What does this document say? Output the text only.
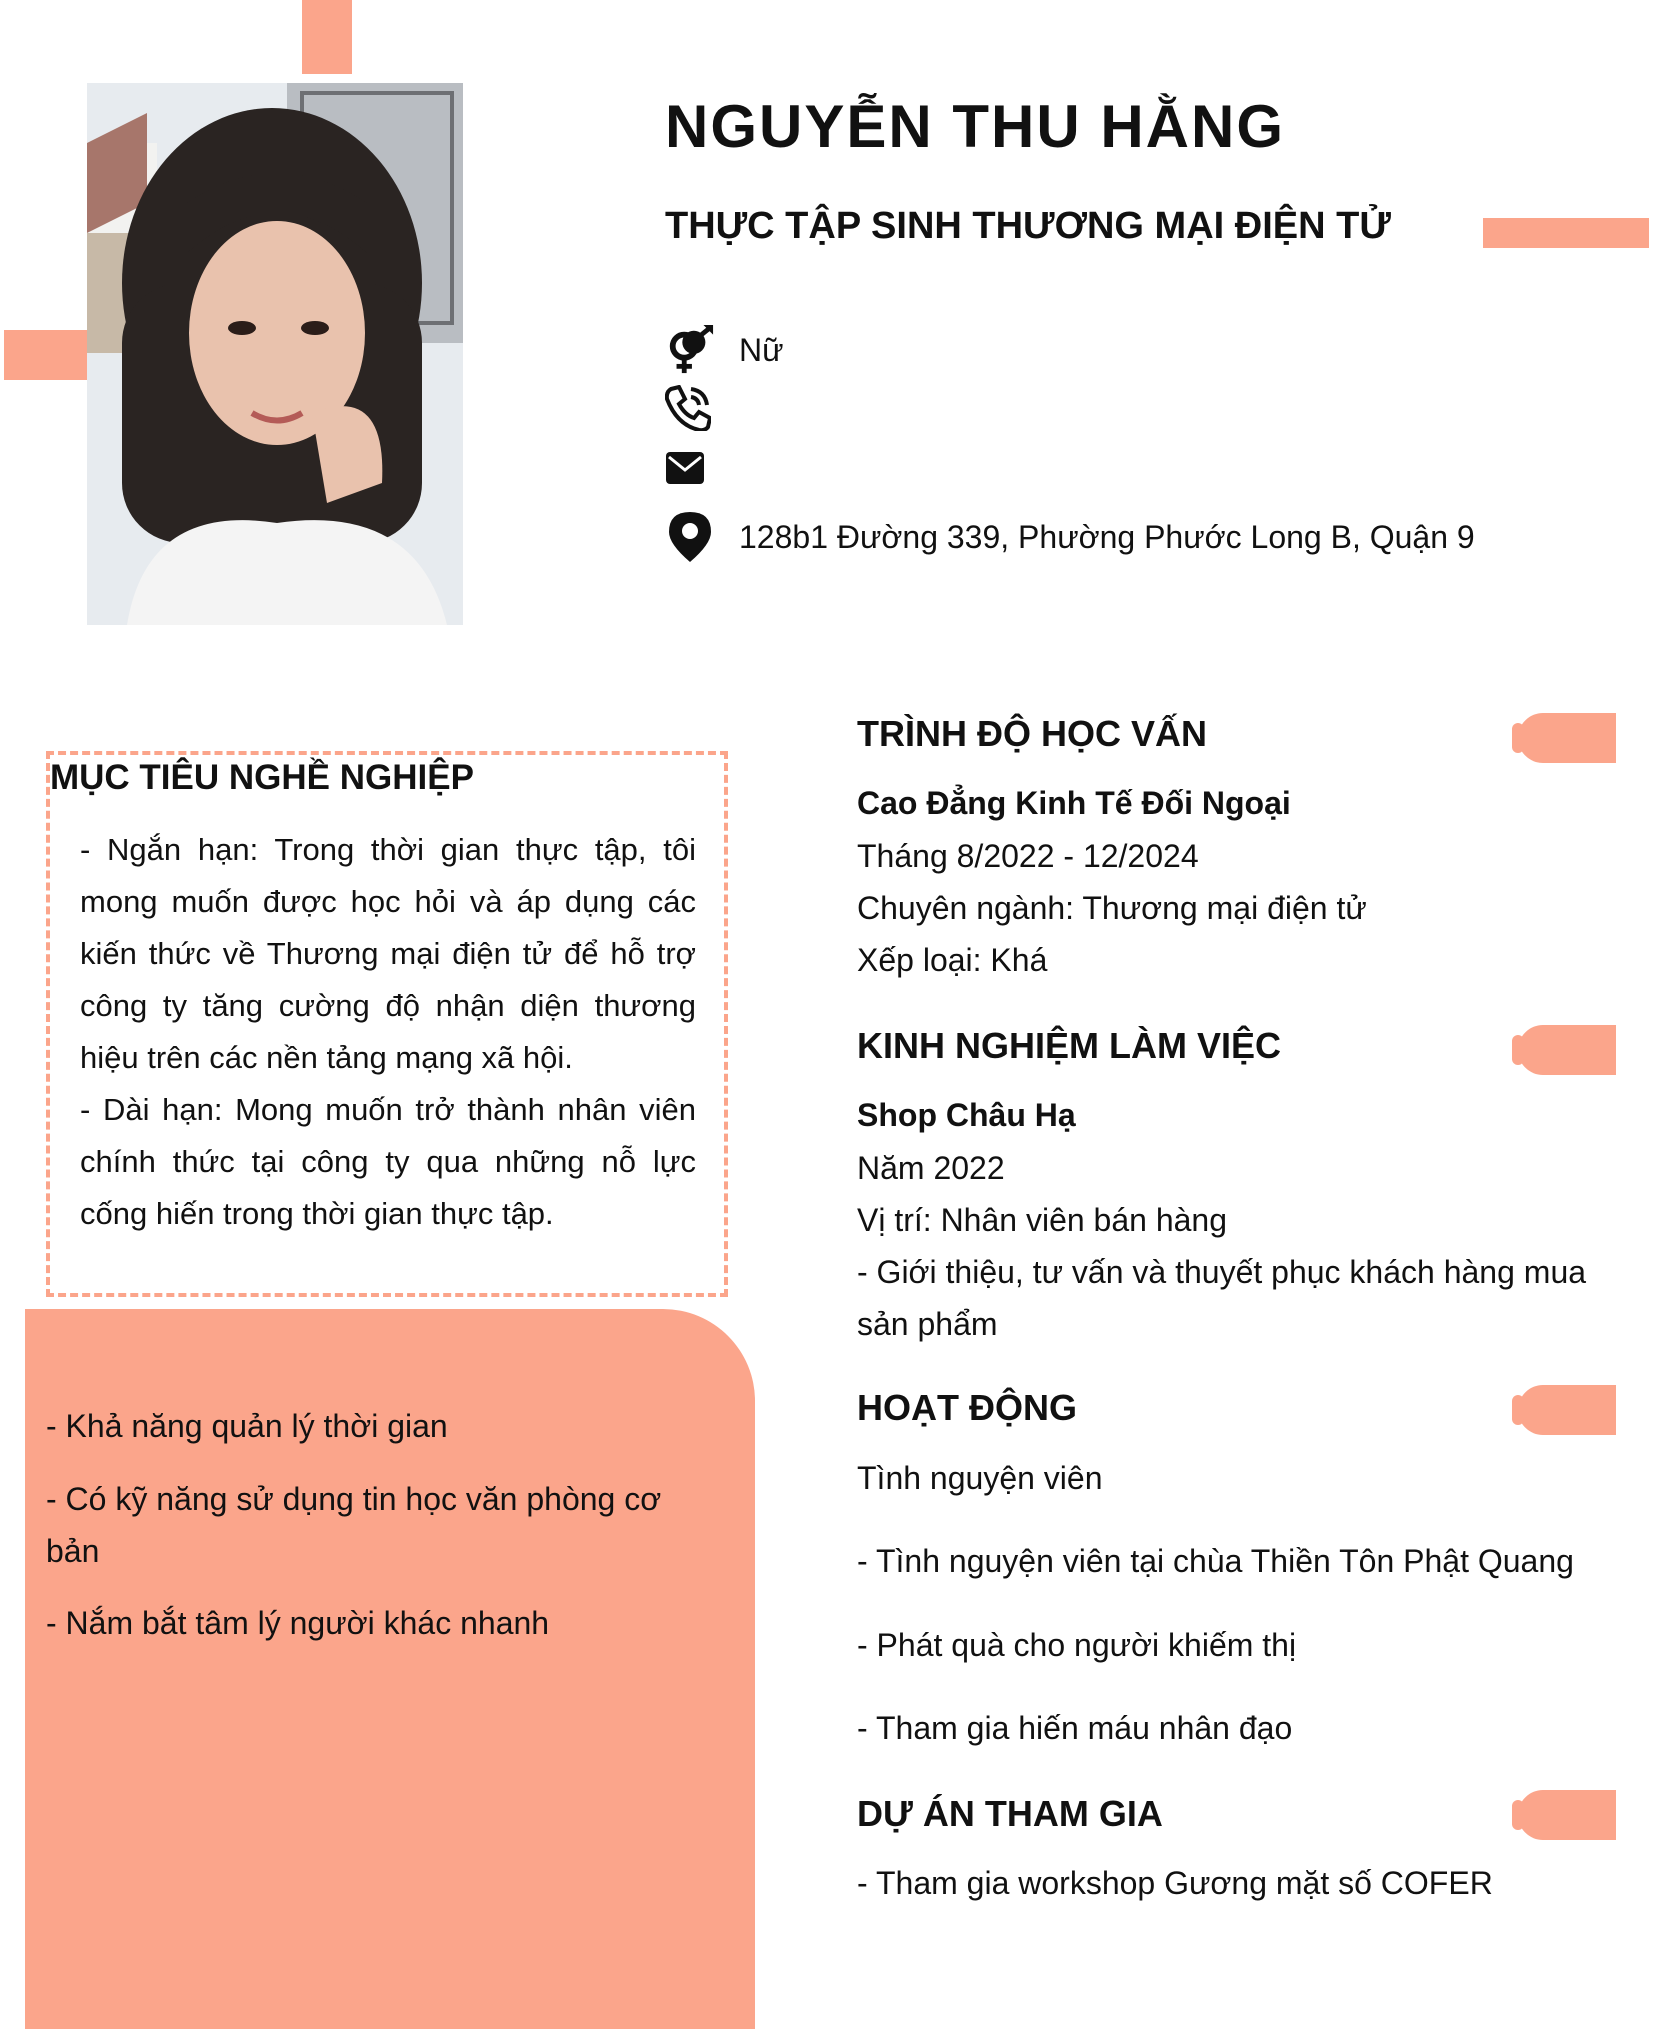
NGUYỄN THU HẰNG
THỰC TẬP SINH THƯƠNG MẠI ĐIỆN TỬ
Nữ
128b1 Đường 339, Phường Phước Long B, Quận 9
MỤC TIÊU NGHỀ NGHIỆP

- Ngắn hạn: Trong thời gian thực tập, tôi mong muốn được học hỏi và áp dụng các kiến thức về Thương mại điện tử để hỗ trợ công ty tăng cường độ nhận diện thương hiệu trên các nền tảng mạng xã hội.

- Dài hạn: Mong muốn trở thành nhân viên chính thức tại công ty qua những nỗ lực cống hiến trong thời gian thực tập.

- Khả năng quản lý thời gian
- Có kỹ năng sử dụng tin học văn phòng cơ bản
- Nắm bắt tâm lý người khác nhanh
TRÌNH ĐỘ HỌC VẤN
Cao Đẳng Kinh Tế Đối Ngoại
Tháng 8/2022 - 12/2024
Chuyên ngành: Thương mại điện tử
Xếp loại: Khá
KINH NGHIỆM LÀM VIỆC
Shop Châu Hạ
Năm 2022
Vị trí: Nhân viên bán hàng
- Giới thiệu, tư vấn và thuyết phục khách hàng mua
sản phẩm
HOẠT ĐỘNG
Tình nguyện viên
- Tình nguyện viên tại chùa Thiền Tôn Phật Quang
- Phát quà cho người khiếm thị
- Tham gia hiến máu nhân đạo
DỰ ÁN THAM GIA
- Tham gia workshop Gương mặt số COFER
